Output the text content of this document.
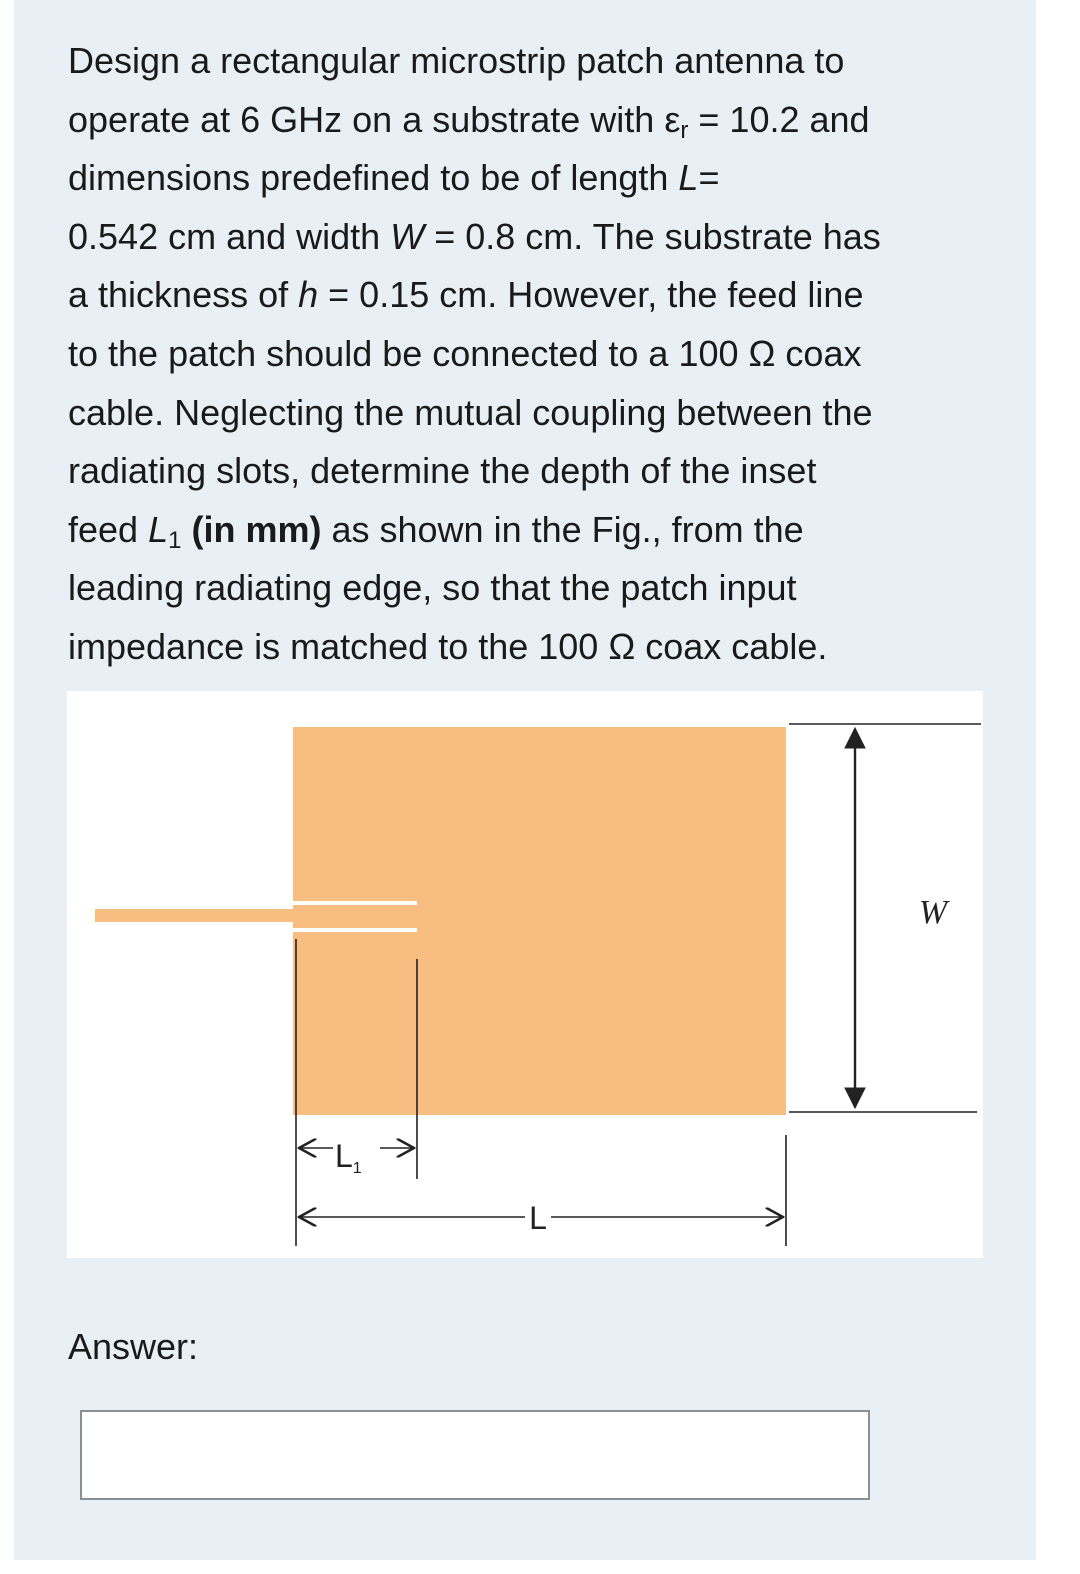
Design a rectangular microstrip patch antenna to
operate at 6 GHz on a substrate with $\varepsilon_r = 10.2$ and
dimensions predefined to be of length L=
0.542 cm and width W = 0.8 cm. The substrate has
a thickness of h = 0.15 cm. However, the feed line
to the patch should be connected to a 100 Ω coax
cable. Neglecting the mutual coupling between the
radiating slots, determine the depth of the inset
feed $L_1$ (in mm) as shown in the Fig., from the
leading radiating edge, so that the patch input
impedance is matched to the 100 Ω coax cable.
W
L1
L
Answer:
